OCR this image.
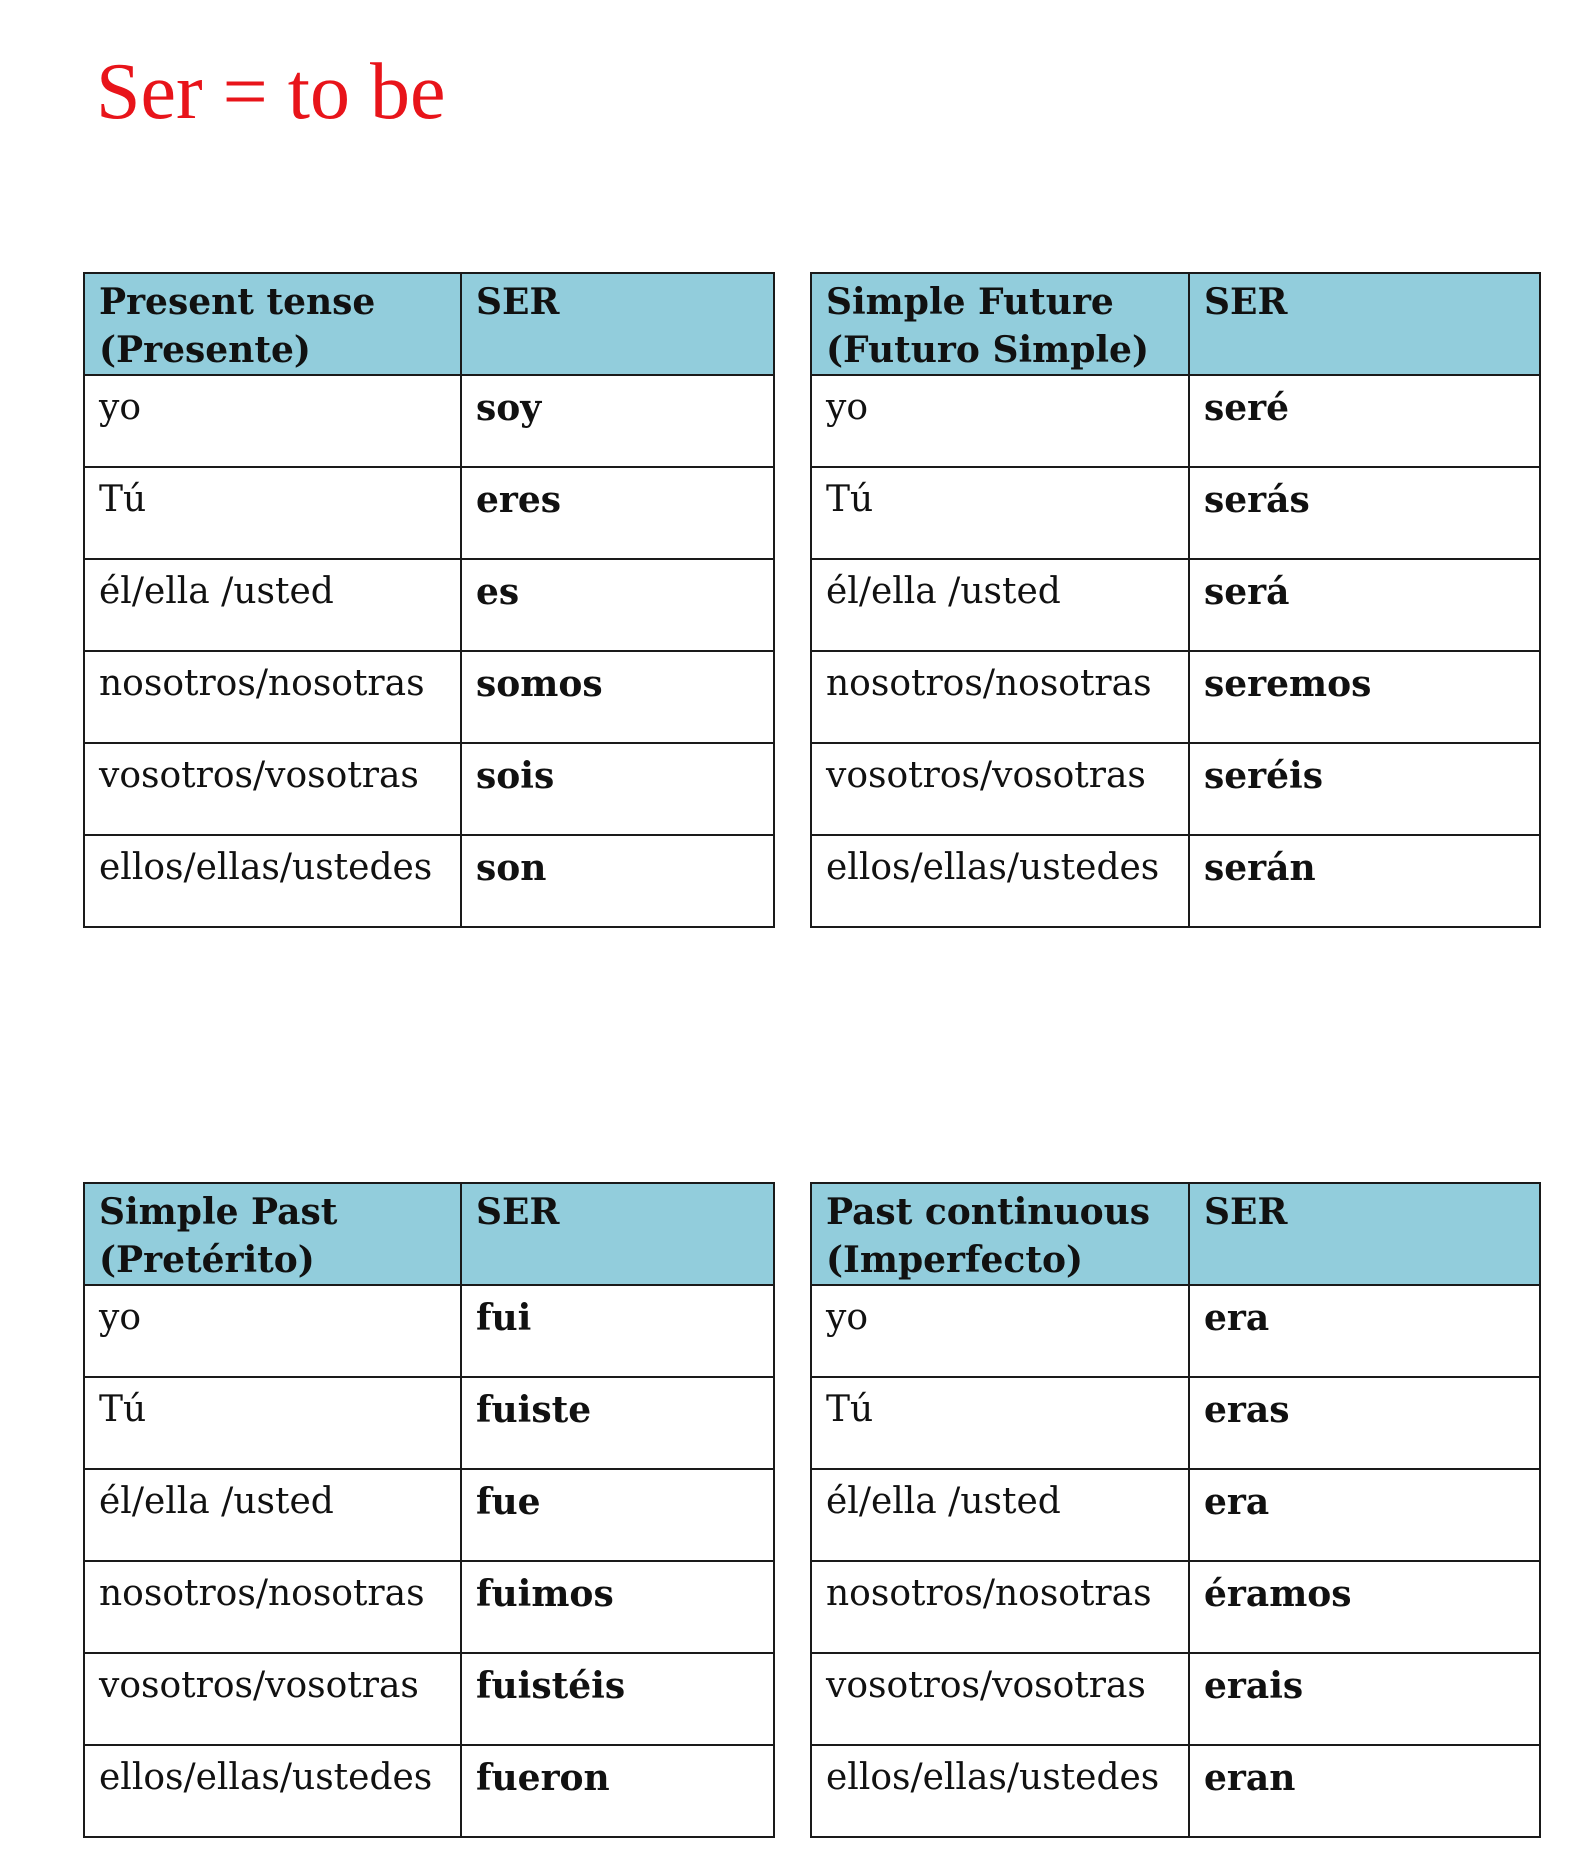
Ser = to be
Present tense
(Presente)	SER
yo	soy
Tú	eres
él/ella /usted	es
nosotros/nosotras	somos
vosotros/vosotras	sois
ellos/ellas/ustedes	son
Simple Future
(Futuro Simple)	SER
yo	seré
Tú	serás
él/ella /usted	será
nosotros/nosotras	seremos
vosotros/vosotras	seréis
ellos/ellas/ustedes	serán
Simple Past
(Pretérito)	SER
yo	fui
Tú	fuiste
él/ella /usted	fue
nosotros/nosotras	fuimos
vosotros/vosotras	fuistéis
ellos/ellas/ustedes	fueron
Past continuous
(Imperfecto)	SER
yo	era
Tú	eras
él/ella /usted	era
nosotros/nosotras	éramos
vosotros/vosotras	erais
ellos/ellas/ustedes	eran
